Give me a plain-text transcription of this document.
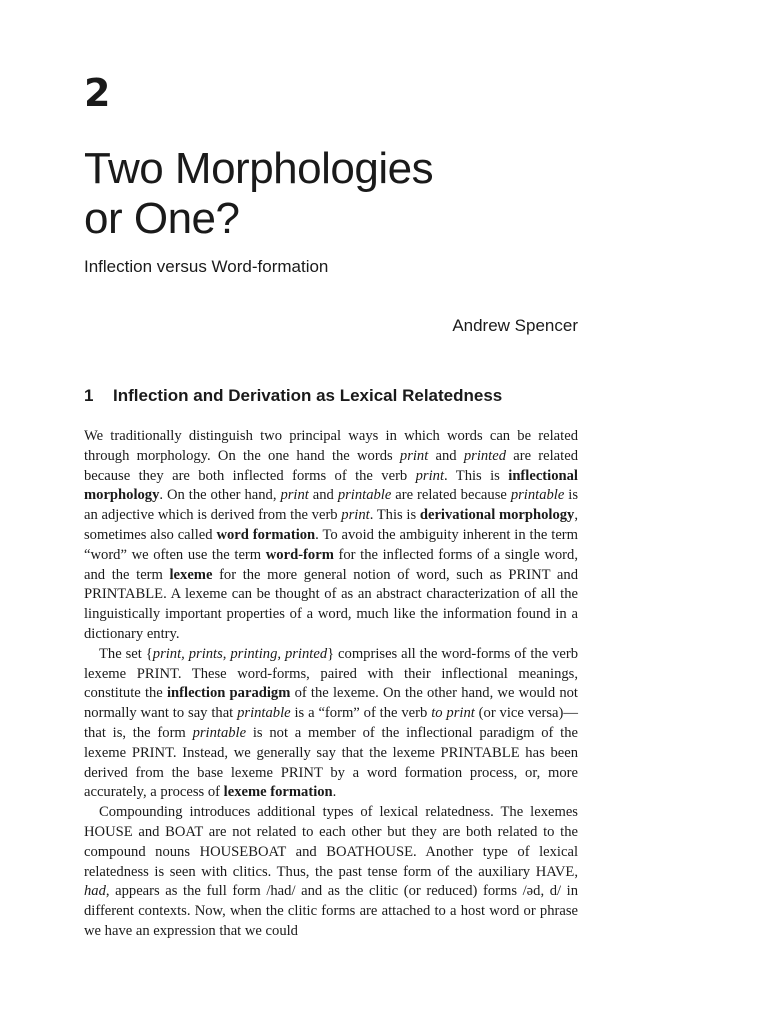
2
Two Morphologies
or One?

Inflection versus Word-formation

Andrew Spencer

1 Inflection and Derivation as Lexical Relatedness

We traditionally distinguish two principal ways in which words can be related through morphology. On the one hand the words print and printed are related because they are both inflected forms of the verb print. This is inflectional morphology. On the other hand, print and printable are related because printable is an adjective which is derived from the verb print. This is derivational morphology, sometimes also called word formation. To avoid the ambiguity inherent in the term “word” we often use the term word-form for the inflected forms of a single word, and the term lexeme for the more general notion of word, such as PRINT and PRINTABLE. A lexeme can be thought of as an abstract characterization of all the linguistically important properties of a word, much like the information found in a dictionary entry.

The set {print, prints, printing, printed} comprises all the word-forms of the verb lexeme PRINT. These word-forms, paired with their inflectional meanings, constitute the inflection paradigm of the lexeme. On the other hand, we would not normally want to say that printable is a “form” of the verb to print (or vice versa)—that is, the form printable is not a member of the inflectional paradigm of the lexeme PRINT. Instead, we generally say that the lexeme PRINTABLE has been derived from the base lexeme PRINT by a word formation process, or, more accurately, a process of lexeme formation.

Compounding introduces additional types of lexical relatedness. The lexemes HOUSE and BOAT are not related to each other but they are both related to the compound nouns HOUSEBOAT and BOATHOUSE. Another type of lexical relatedness is seen with clitics. Thus, the past tense form of the auxiliary HAVE, had, appears as the full form /had/ and as the clitic (or reduced) forms /əd, d/ in different contexts. Now, when the clitic forms are attached to a host word or phrase we have an expression that we could
